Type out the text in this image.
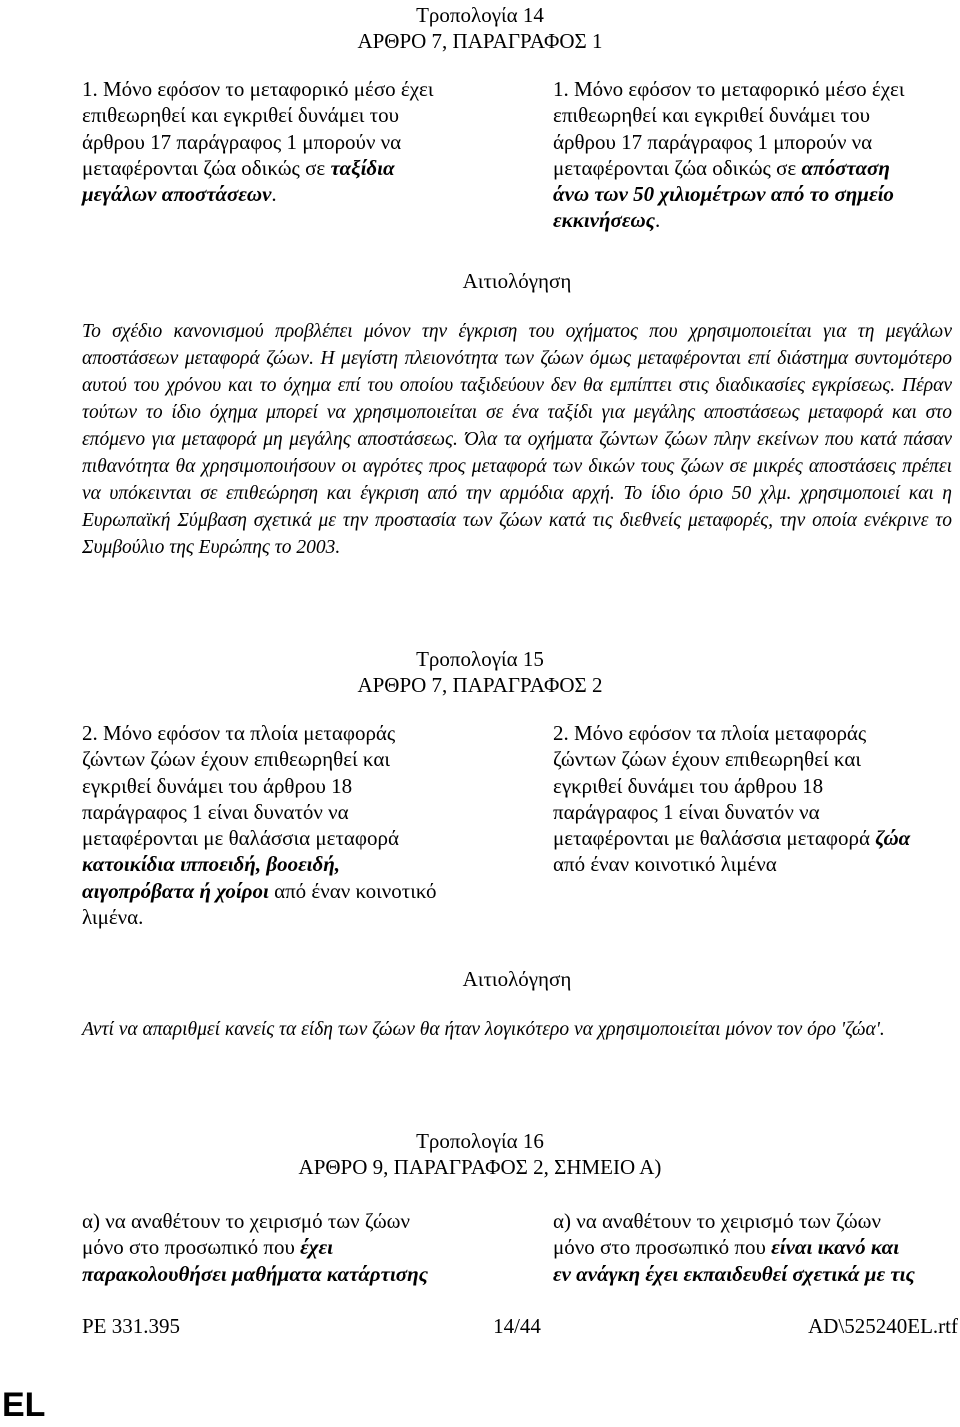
Τροπολογία 14
ΑΡΘΡΟ 7, ΠΑΡΑΓΡΑΦΟΣ 1
1. Μόνο εφόσον το μεταφορικό μέσο έχει
επιθεωρηθεί και εγκριθεί δυνάμει του
άρθρου 17 παράγραφος 1 μπορούν να
μεταφέρονται ζώα οδικώς σε ταξίδια
μεγάλων αποστάσεων.
1. Μόνο εφόσον το μεταφορικό μέσο έχει
επιθεωρηθεί και εγκριθεί δυνάμει του
άρθρου 17 παράγραφος 1 μπορούν να
μεταφέρονται ζώα οδικώς σε απόσταση
άνω των 50 χιλιομέτρων από το σημείο
εκκινήσεως.
Αιτιολόγηση
Το σχέδιο κανονισμού προβλέπει μόνον την έγκριση του οχήματος που χρησιμοποιείται για τη μεγάλων αποστάσεων μεταφορά ζώων. Η μεγίστη πλειονότητα των ζώων όμως μεταφέρονται επί διάστημα συντομότερο αυτού του χρόνου και το όχημα επί του οποίου ταξιδεύουν δεν θα εμπίπτει στις διαδικασίες εγκρίσεως. Πέραν τούτων το ίδιο όχημα μπορεί να χρησιμοποιείται σε ένα ταξίδι για μεγάλης αποστάσεως μεταφορά και στο επόμενο για μεταφορά μη μεγάλης αποστάσεως. Όλα τα οχήματα ζώντων ζώων πλην εκείνων που κατά πάσαν πιθανότητα θα χρησιμοποιήσουν οι αγρότες προς μεταφορά των δικών τους ζώων σε μικρές αποστάσεις πρέπει να υπόκεινται σε επιθεώρηση και έγκριση από την αρμόδια αρχή. Το ίδιο όριο 50 χλμ. χρησιμοποιεί και η Ευρωπαϊκή Σύμβαση σχετικά με την προστασία των ζώων κατά τις διεθνείς μεταφορές, την οποία ενέκρινε το Συμβούλιο της Ευρώπης το 2003.
Τροπολογία 15
ΑΡΘΡΟ 7, ΠΑΡΑΓΡΑΦΟΣ 2
2. Μόνο εφόσον τα πλοία μεταφοράς
ζώντων ζώων έχουν επιθεωρηθεί και
εγκριθεί δυνάμει του άρθρου 18
παράγραφος 1 είναι δυνατόν να
μεταφέρονται με θαλάσσια μεταφορά
κατοικίδια ιπποειδή, βοοειδή,
αιγοπρόβατα ή χοίροι από έναν κοινοτικό
λιμένα.
2. Μόνο εφόσον τα πλοία μεταφοράς
ζώντων ζώων έχουν επιθεωρηθεί και
εγκριθεί δυνάμει του άρθρου 18
παράγραφος 1 είναι δυνατόν να
μεταφέρονται με θαλάσσια μεταφορά ζώα
από έναν κοινοτικό λιμένα
Αιτιολόγηση
Αντί να απαριθμεί κανείς τα είδη των ζώων θα ήταν λογικότερο να χρησιμοποιείται μόνον τον όρο 'ζώα'.
Τροπολογία 16
ΑΡΘΡΟ 9, ΠΑΡΑΓΡΑΦΟΣ 2, ΣΗΜΕΙΟ Α)
α) να αναθέτουν το χειρισμό των ζώων
μόνο στο προσωπικό που έχει
παρακολουθήσει μαθήματα κατάρτισης
α) να αναθέτουν το χειρισμό των ζώων
μόνο στο προσωπικό που είναι ικανό και
εν ανάγκη έχει εκπαιδευθεί σχετικά με τις
PE 331.395	14/44	AD\525240EL.rtf
EL
